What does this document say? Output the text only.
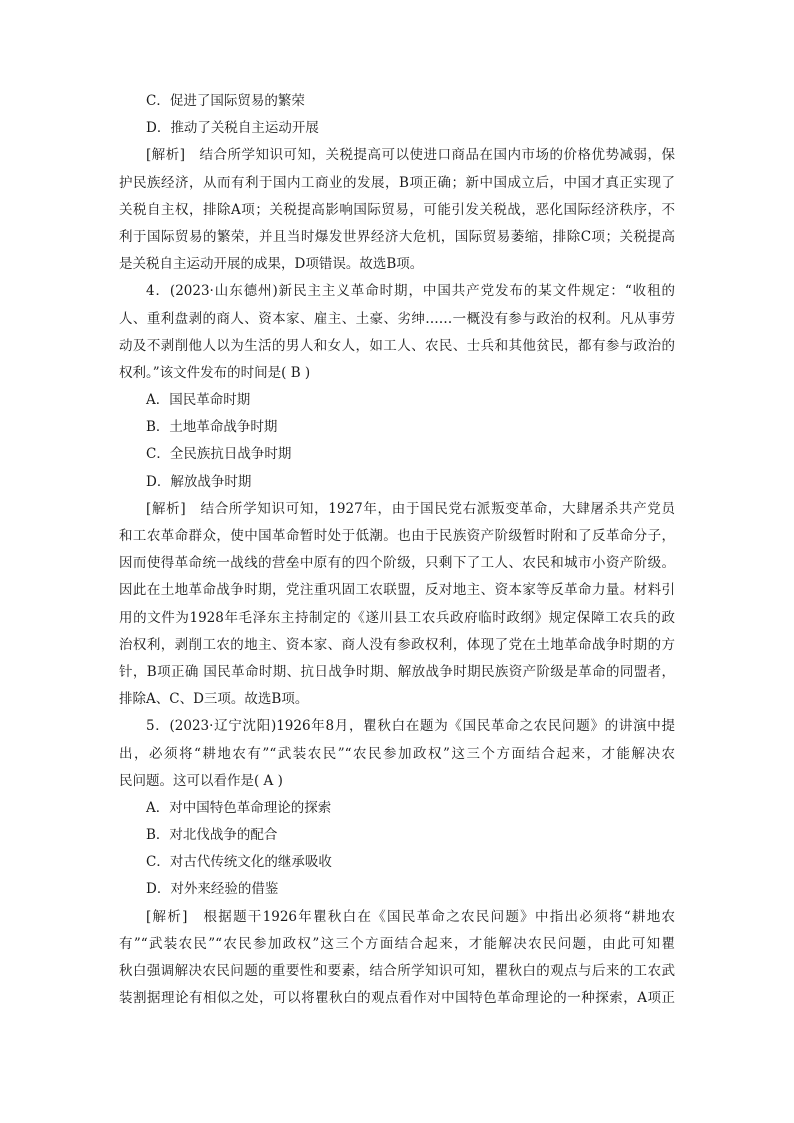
C．促进了国际贸易的繁荣
D．推动了关税自主运动开展
[解析]　结合所学知识可知，关税提高可以使进口商品在国内市场的价格优势减弱，保
护民族经济，从而有利于国内工商业的发展，B项正确；新中国成立后，中国才真正实现了
关税自主权，排除A项；关税提高影响国际贸易，可能引发关税战，恶化国际经济秩序，不
利于国际贸易的繁荣，并且当时爆发世界经济大危机，国际贸易萎缩，排除C项；关税提高
是关税自主运动开展的成果，D项错误。故选B项。
4．(2023·山东德州)新民主主义革命时期，中国共产党发布的某文件规定：“收租的
人、重利盘剥的商人、资本家、雇主、土豪、劣绅……一概没有参与政治的权利。凡从事劳
动及不剥削他人以为生活的男人和女人，如工人、农民、士兵和其他贫民，都有参与政治的
权利。”该文件发布的时间是( B )
A．国民革命时期
B．土地革命战争时期
C．全民族抗日战争时期
D．解放战争时期
[解析]　结合所学知识可知，1927年，由于国民党右派叛变革命，大肆屠杀共产党员
和工农革命群众，使中国革命暂时处于低潮。也由于民族资产阶级暂时附和了反革命分子，
因而使得革命统一战线的营垒中原有的四个阶级，只剩下了工人、农民和城市小资产阶级。
因此在土地革命战争时期，党注重巩固工农联盟，反对地主、资本家等反革命力量。材料引
用的文件为1928年毛泽东主持制定的《遂川县工农兵政府临时政纲》规定保障工农兵的政
治权利，剥削工农的地主、资本家、商人没有参政权利，体现了党在土地革命战争时期的方
针，B项正确 国民革命时期、抗日战争时期、解放战争时期民族资产阶级是革命的同盟者，
排除A、C、D三项。故选B项。
5．(2023·辽宁沈阳)1926年8月，瞿秋白在题为《国民革命之农民问题》的讲演中提
出，必须将“耕地农有”“武装农民”“农民参加政权”这三个方面结合起来，才能解决农
民问题。这可以看作是( A )
A．对中国特色革命理论的探索
B．对北伐战争的配合
C．对古代传统文化的继承吸收
D．对外来经验的借鉴
[解析]　根据题干1926年瞿秋白在《国民革命之农民问题》中指出必须将“耕地农
有”“武装农民”“农民参加政权”这三个方面结合起来，才能解决农民问题，由此可知瞿
秋白强调解决农民问题的重要性和要素，结合所学知识可知，瞿秋白的观点与后来的工农武
装割据理论有相似之处，可以将瞿秋白的观点看作对中国特色革命理论的一种探索，A项正
